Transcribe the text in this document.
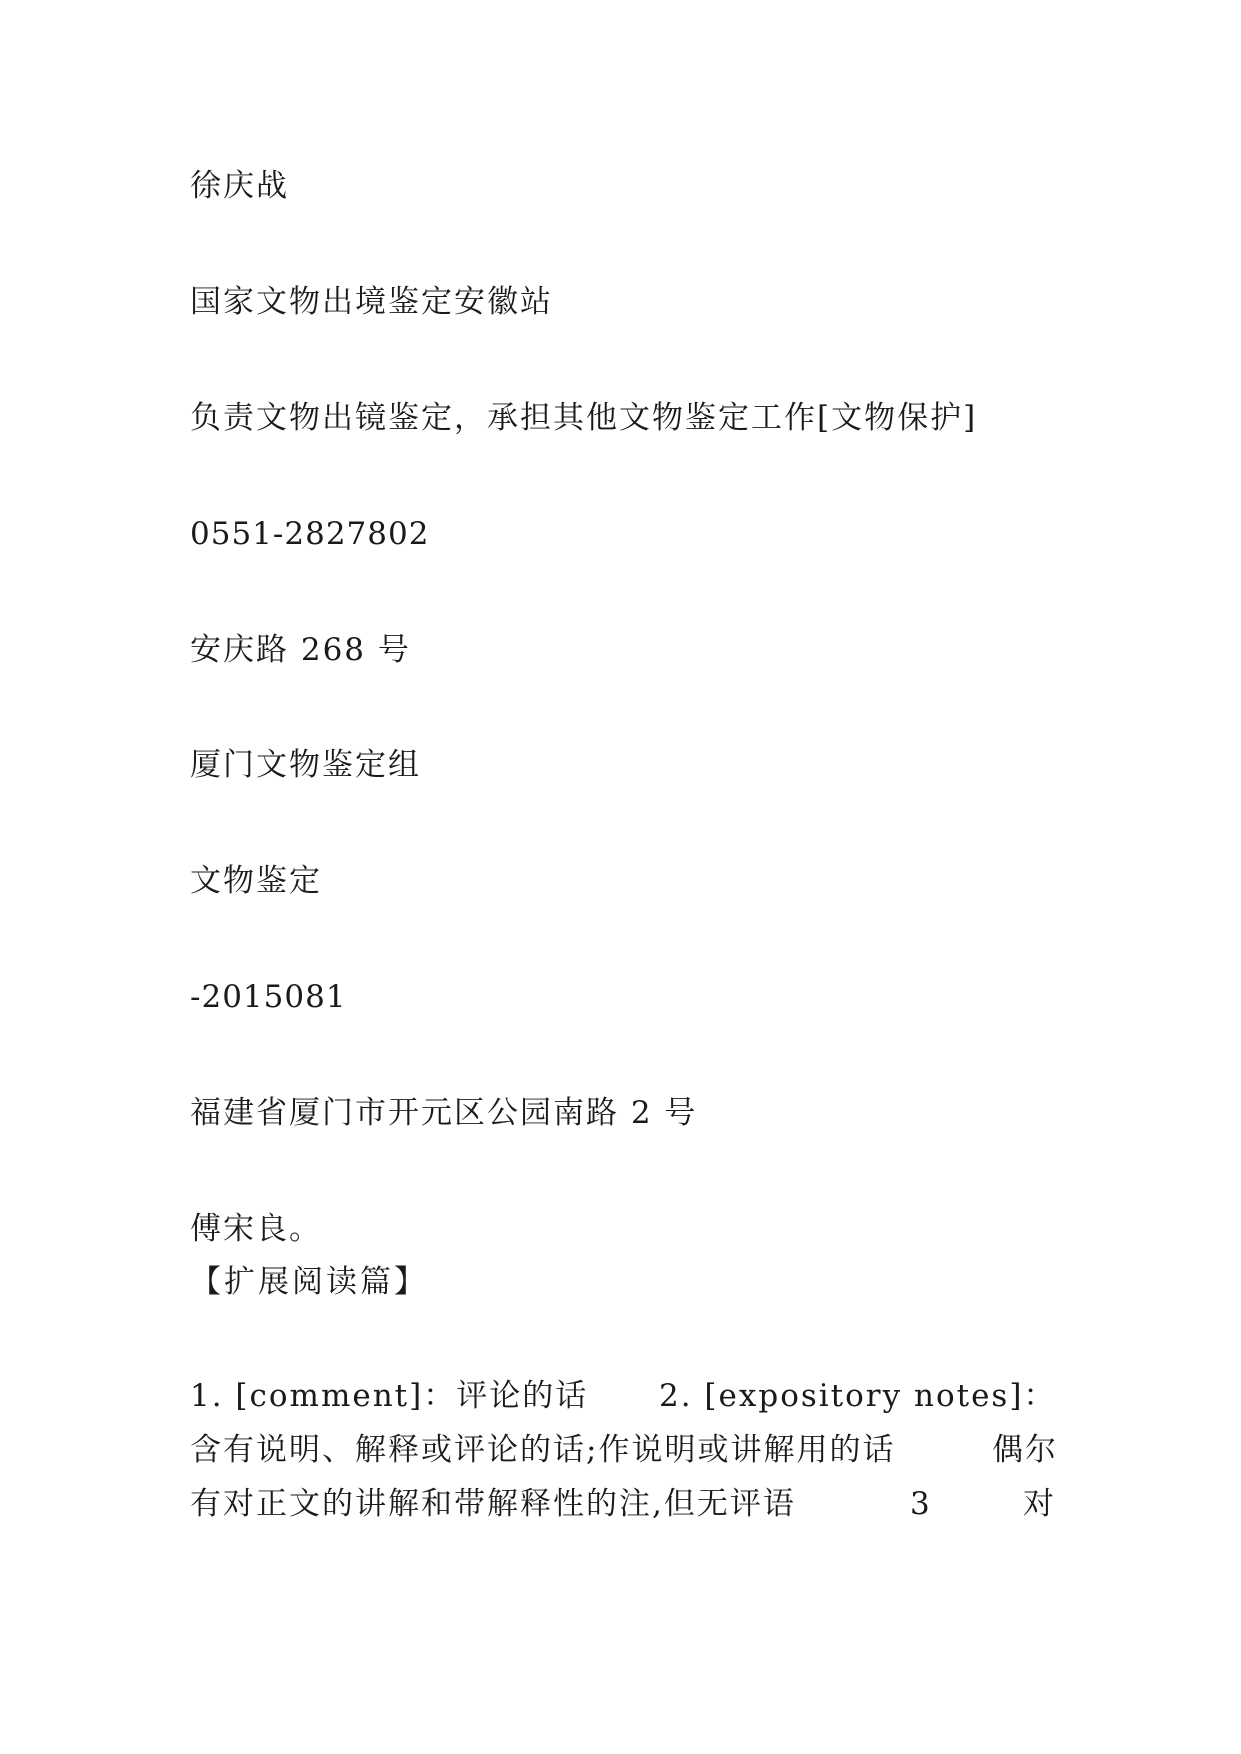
徐庆战

国家文物出境鉴定安徽站

负责文物出镜鉴定，承担其他文物鉴定工作[文物保护]

0551-2827802

安庆路 268 号

厦门文物鉴定组

文物鉴定

-2015081

福建省厦门市开元区公园南路 2 号

傅宋良。

【扩展阅读篇】

1. [comment]：评论的话 2. [expository notes]：
含有说明、解释或评论的话;作说明或讲解用的话	偶尔
有对正文的讲解和带解释性的注,但无评语	3	对
